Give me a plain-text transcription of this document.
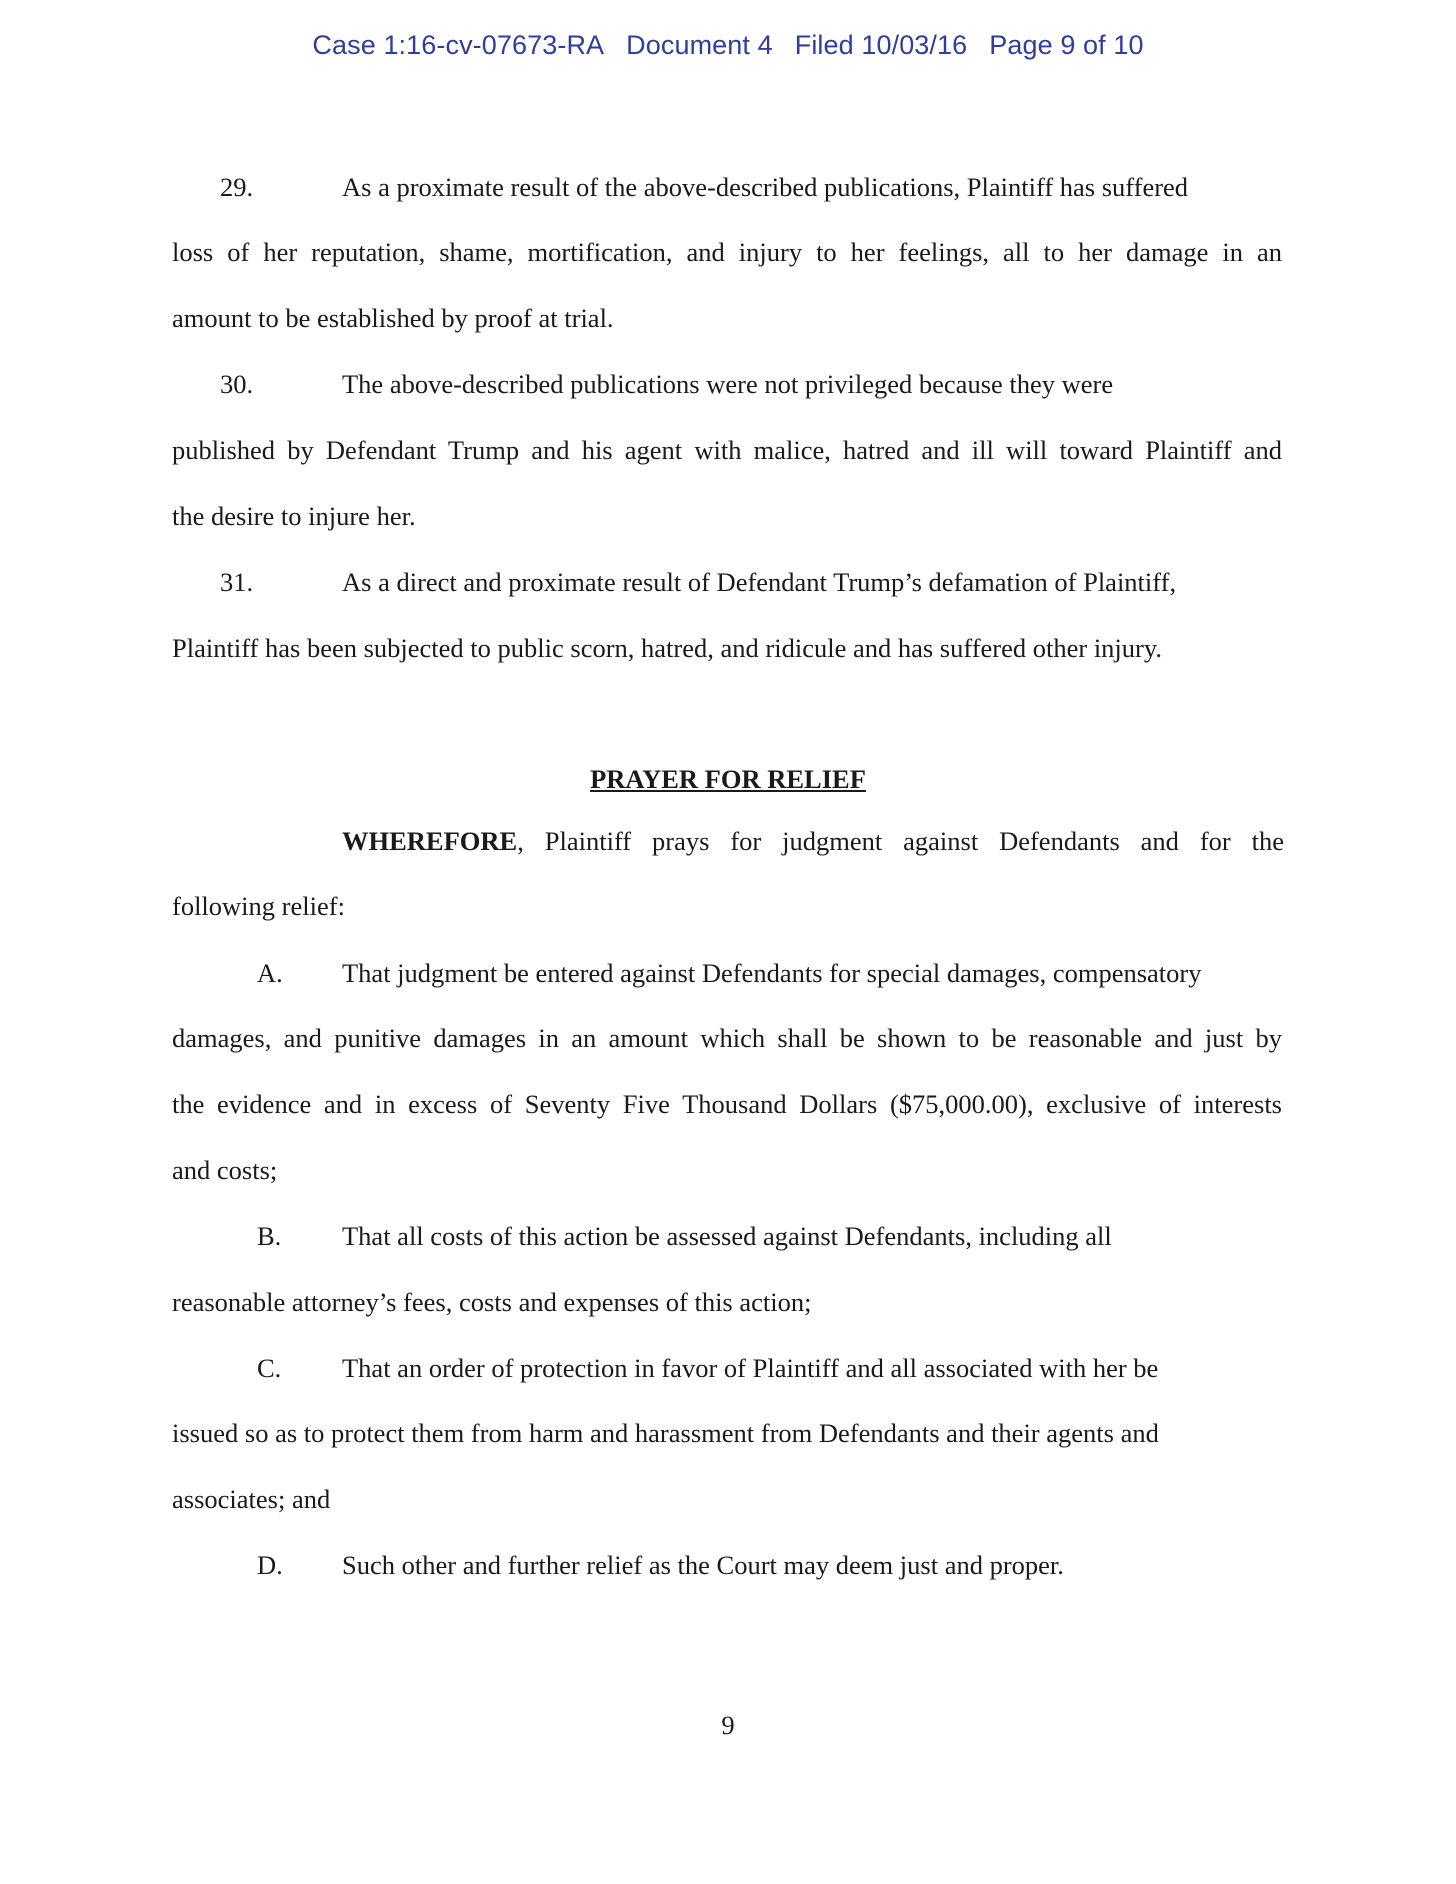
Case 1:16-cv-07673-RA Document 4 Filed 10/03/16 Page 9 of 10
29.	As a proximate result of the above-described publications, Plaintiff has suffered
loss of her reputation, shame, mortification, and injury to her feelings, all to her damage in an
amount to be established by proof at trial.
30.	The above-described publications were not privileged because they were
published by Defendant Trump and his agent with malice, hatred and ill will toward Plaintiff and
the desire to injure her.
31.	As a direct and proximate result of Defendant Trump’s defamation of Plaintiff,
Plaintiff has been subjected to public scorn, hatred, and ridicule and has suffered other injury.
PRAYER FOR RELIEF
WHEREFORE, Plaintiff prays for judgment against Defendants and for the
following relief:
A. That judgment be entered against Defendants for special damages, compensatory
damages, and punitive damages in an amount which shall be shown to be reasonable and just by
the evidence and in excess of Seventy Five Thousand Dollars ($75,000.00), exclusive of interests
and costs;
B. That all costs of this action be assessed against Defendants, including all
reasonable attorney’s fees, costs and expenses of this action;
C. That an order of protection in favor of Plaintiff and all associated with her be
issued so as to protect them from harm and harassment from Defendants and their agents and
associates; and
D. Such other and further relief as the Court may deem just and proper.
9
